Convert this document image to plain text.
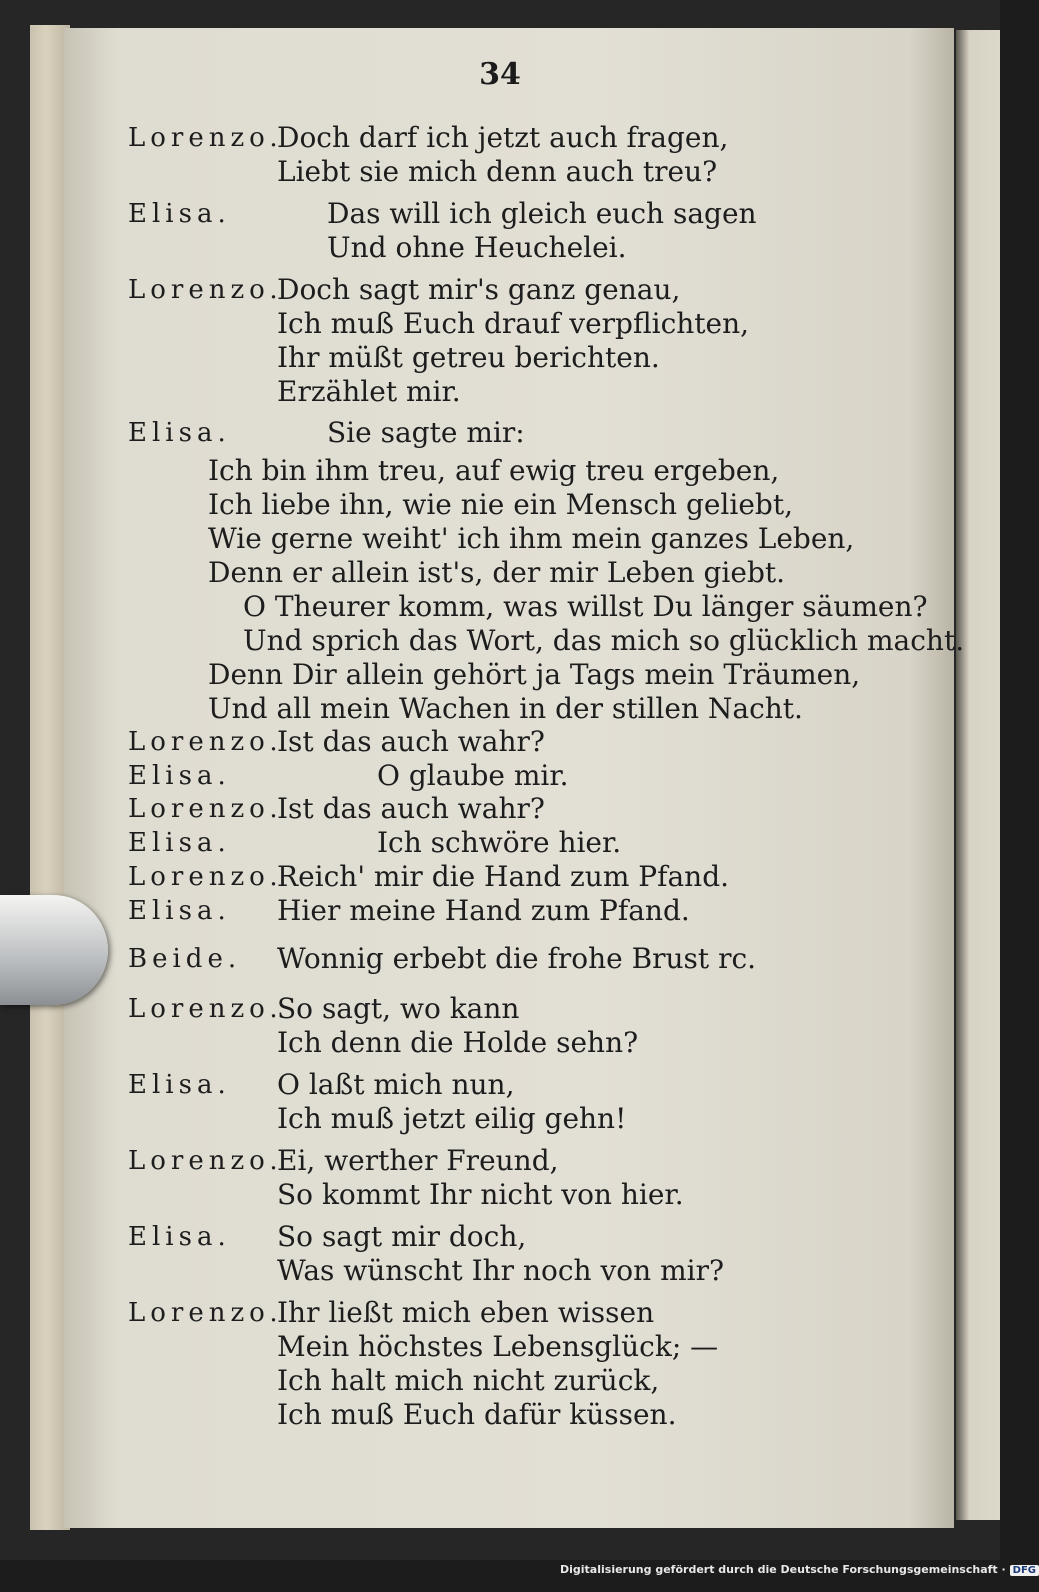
34
Lorenzo.
Doch darf ich jetzt auch fragen,
Liebt sie mich denn auch treu?
Elisa.	Das will ich gleich euch sagen
Und ohne Heuchelei.
Lorenzo.
Doch sagt mir's ganz genau,
Ich muß Euch drauf verpflichten,
Ihr müßt getreu berichten.
Erzählet mir.
Elisa.	Sie sagte mir:
Ich bin ihm treu, auf ewig treu ergeben,
Ich liebe ihn, wie nie ein Mensch geliebt,
Wie gerne weiht' ich ihm mein ganzes Leben,
Denn er allein ist's, der mir Leben giebt.
O Theurer komm, was willst Du länger säumen?
Und sprich das Wort, das mich so glücklich macht.
Denn Dir allein gehört ja Tags mein Träumen,
Und all mein Wachen in der stillen Nacht.
Lorenzo.
Ist das auch wahr?
Elisa.	O glaube mir.
Lorenzo.
Ist das auch wahr?
Elisa.	Ich schwöre hier.
Lorenzo.
Reich' mir die Hand zum Pfand.
Elisa. Hier meine Hand zum Pfand.
Beide. Wonnig erbebt die frohe Brust rc.
Lorenzo.
So sagt, wo kann
Ich denn die Holde sehn?
Elisa. O laßt mich nun,
Ich muß jetzt eilig gehn!
Lorenzo.
Ei, werther Freund,
So kommt Ihr nicht von hier.
Elisa. So sagt mir doch,
Was wünscht Ihr noch von mir?
Lorenzo.
Ihr ließt mich eben wissen
Mein höchstes Lebensglück; —
Ich halt mich nicht zurück,
Ich muß Euch dafür küssen.
Digitalisierung gefördert durch die Deutsche Forschungsgemeinschaft · DFG
